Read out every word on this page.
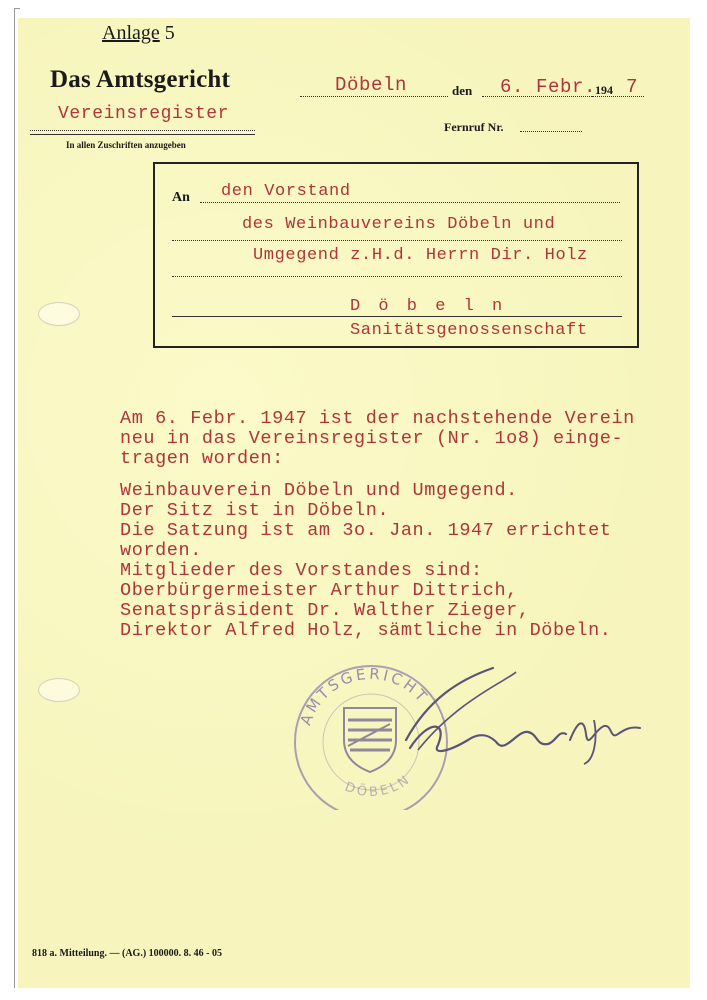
Anlage 5
Das Amtsgericht
Vereinsregister
In allen Zuschriften anzugeben
Döbeln	den 6. Febr.
194 7
Fernruf Nr.
An den Vorstand
des Weinbauvereins Döbeln und
Umgegend z.H.d. Herrn Dir. Holz
D ö b e l n
Sanitätsgenossenschaft
Am 6. Febr. 1947 ist der nachstehende Verein
neu in das Vereinsregister (Nr. 1o8) einge-
tragen worden:
Weinbauverein Döbeln und Umgegend.
Der Sitz ist in Döbeln.
Die Satzung ist am 3o. Jan. 1947 errichtet
worden.
Mitglieder des Vorstandes sind:
Oberbürgermeister Arthur Dittrich,
Senatspräsident Dr. Walther Zieger,
Direktor Alfred Holz, sämtliche in Döbeln.
AMTSGERICHT
DÖBELN
818 a. Mitteilung. — (AG.) 100000. 8. 46 - 05
